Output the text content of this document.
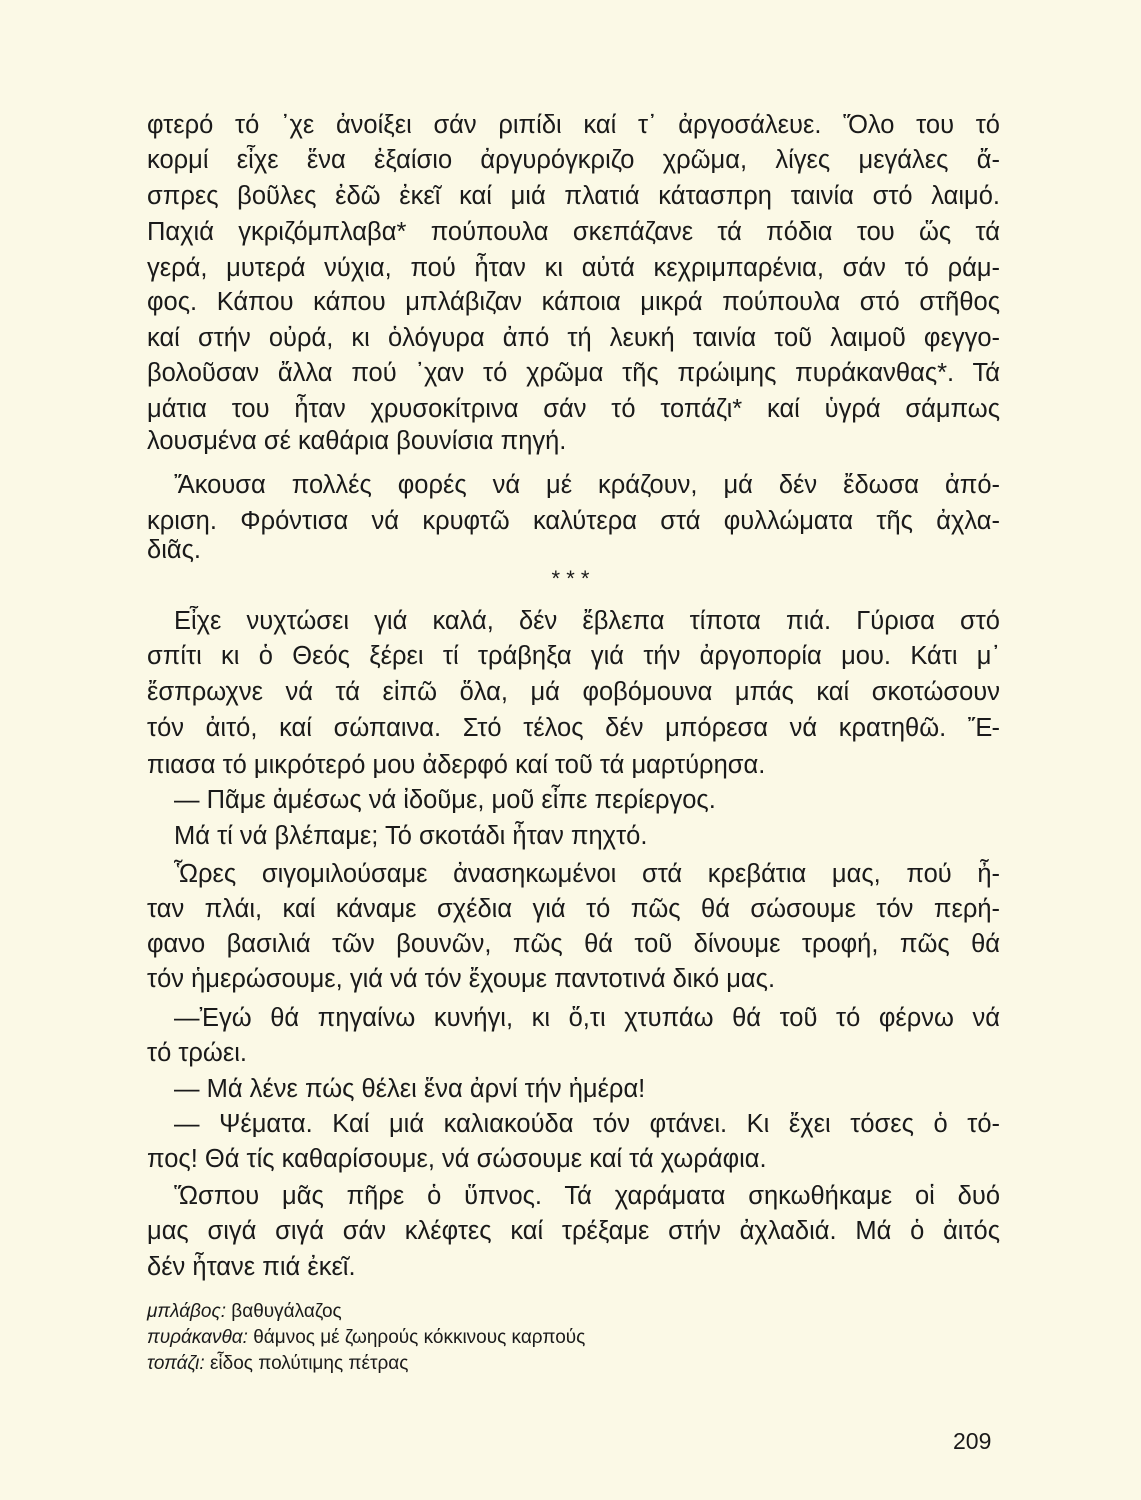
φτερό τό ᾽χε ἀνοίξει σάν ριπίδι καί τ᾽ ἀργοσάλευε. Ὅλο του τό
κορμί εἶχε ἕνα ἐξαίσιο ἀργυρόγκριζο χρῶμα, λίγες μεγάλες ἄ-
σπρες βοῦλες ἐδῶ ἐκεῖ καί μιά πλατιά κάτασπρη ταινία στό λαιμό.
Παχιά γκριζόμπλαβα* πούπουλα σκεπάζανε τά πόδια του ὥς τά
γερά, μυτερά νύχια, πού ἦταν κι αὐτά κεχριμπαρένια, σάν τό ράμ-
φος. Κάπου κάπου μπλάβιζαν κάποια μικρά πούπουλα στό στῆθος
καί στήν οὐρά, κι ὁλόγυρα ἀπό τή λευκή ταινία τοῦ λαιμοῦ φεγγο-
βολοῦσαν ἄλλα πού ᾽χαν τό χρῶμα τῆς πρώιμης πυράκανθας*. Τά
μάτια του ἦταν χρυσοκίτρινα σάν τό τοπάζι* καί ὑγρά σάμπως
λουσμένα σέ καθάρια βουνίσια πηγή.
Ἄκουσα πολλές φορές νά μέ κράζουν, μά δέν ἔδωσα ἀπό-
κριση. Φρόντισα νά κρυφτῶ καλύτερα στά φυλλώματα τῆς ἀχλα-
διᾶς.
* * *
Εἶχε νυχτώσει γιά καλά, δέν ἔβλεπα τίποτα πιά. Γύρισα στό
σπίτι κι ὁ Θεός ξέρει τί τράβηξα γιά τήν ἀργοπορία μου. Κάτι μ᾽
ἔσπρωχνε νά τά εἰπῶ ὅλα, μά φοβόμουνα μπάς καί σκοτώσουν
τόν ἀιτό, καί σώπαινα. Στό τέλος δέν μπόρεσα νά κρατηθῶ. Ἔ-
πιασα τό μικρότερό μου ἀδερφό καί τοῦ τά μαρτύρησα.
— Πᾶμε ἀμέσως νά ἰδοῦμε, μοῦ εἶπε περίεργος.
Μά τί νά βλέπαμε; Τό σκοτάδι ἦταν πηχτό.
Ὧρες σιγομιλούσαμε ἀνασηκωμένοι στά κρεβάτια μας, πού ἦ-
ταν πλάι, καί κάναμε σχέδια γιά τό πῶς θά σώσουμε τόν περή-
φανο βασιλιά τῶν βουνῶν, πῶς θά τοῦ δίνουμε τροφή, πῶς θά
τόν ἡμερώσουμε, γιά νά τόν ἔχουμε παντοτινά δικό μας.
—Ἐγώ θά πηγαίνω κυνήγι, κι ὅ,τι χτυπάω θά τοῦ τό φέρνω νά
τό τρώει.
— Μά λένε πώς θέλει ἕνα ἀρνί τήν ἡμέρα!
— Ψέματα. Καί μιά καλιακούδα τόν φτάνει. Κι ἔχει τόσες ὁ τό-
πος! Θά τίς καθαρίσουμε, νά σώσουμε καί τά χωράφια.
Ὥσπου μᾶς πῆρε ὁ ὕπνος. Τά χαράματα σηκωθήκαμε οἱ δυό
μας σιγά σιγά σάν κλέφτες καί τρέξαμε στήν ἀχλαδιά. Μά ὁ ἀιτός
δέν ἦτανε πιά ἐκεῖ.
μπλάβος: βαθυγάλαζος
πυράκανθα: θάμνος μέ ζωηρούς κόκκινους καρπούς
τοπάζι: εἶδος πολύτιμης πέτρας
209
